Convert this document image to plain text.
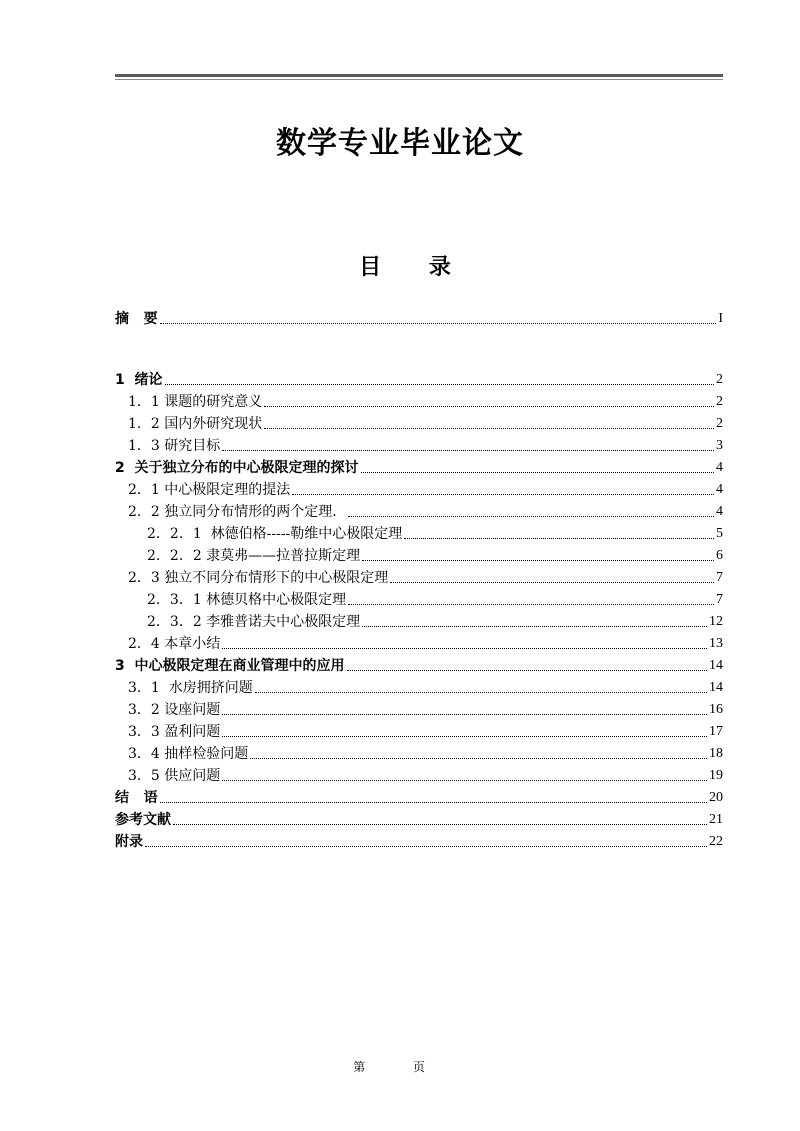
数学专业毕业论文
目 录
摘   要	I
1  绪论	2
1．1 课题的研究意义	2
1．2 国内外研究现状	2
1．3 研究目标	3
2  关于独立分布的中心极限定理的探讨	4
2．1 中心极限定理的提法	4
2．2 独立同分布情形的两个定理．	4
2．2．1  林德伯格-----勒维中心极限定理	5
2．2．2 隶莫弗——拉普拉斯定理	6
2．3 独立不同分布情形下的中心极限定理	7
2．3．1 林德贝格中心极限定理	7
2．3．2 李雅普诺夫中心极限定理	12
2．4 本章小结	13
3  中心极限定理在商业管理中的应用	14
3．1  水房拥挤问题	14
3．2 设座问题	16
3．3 盈利问题	17
3．4 抽样检验问题	18
3．5 供应问题	19
结   语	20
参考文献	21
附录	22
第 页
